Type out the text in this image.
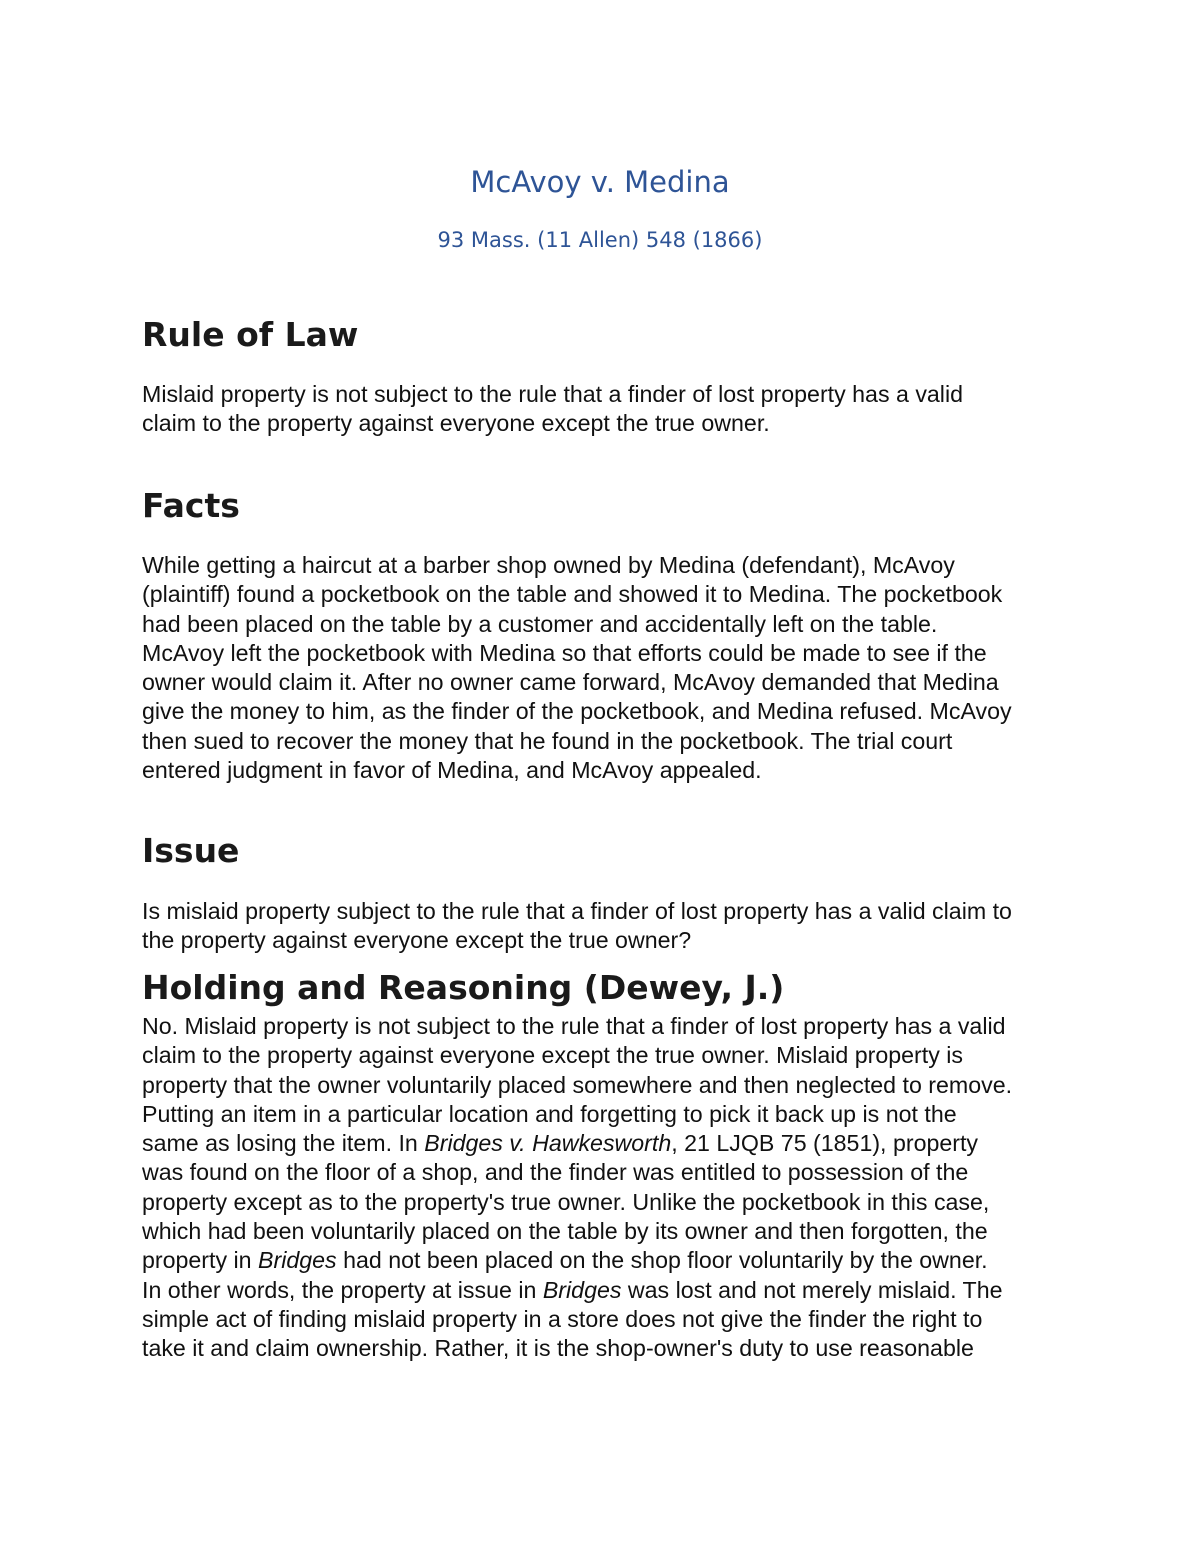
McAvoy v. Medina
93 Mass. (11 Allen) 548 (1866)
Rule of Law

Mislaid property is not subject to the rule that a finder of lost property has a valid
claim to the property against everyone except the true owner.

Facts

While getting a haircut at a barber shop owned by Medina (defendant), McAvoy
(plaintiff) found a pocketbook on the table and showed it to Medina. The pocketbook
had been placed on the table by a customer and accidentally left on the table.
McAvoy left the pocketbook with Medina so that efforts could be made to see if the
owner would claim it. After no owner came forward, McAvoy demanded that Medina
give the money to him, as the finder of the pocketbook, and Medina refused. McAvoy
then sued to recover the money that he found in the pocketbook. The trial court
entered judgment in favor of Medina, and McAvoy appealed.

Issue

Is mislaid property subject to the rule that a finder of lost property has a valid claim to
the property against everyone except the true owner?

Holding and Reasoning (Dewey, J.)

No. Mislaid property is not subject to the rule that a finder of lost property has a valid
claim to the property against everyone except the true owner. Mislaid property is
property that the owner voluntarily placed somewhere and then neglected to remove.
Putting an item in a particular location and forgetting to pick it back up is not the
same as losing the item. In Bridges v. Hawkesworth, 21 LJQB 75 (1851), property
was found on the floor of a shop, and the finder was entitled to possession of the
property except as to the property's true owner. Unlike the pocketbook in this case,
which had been voluntarily placed on the table by its owner and then forgotten, the
property in Bridges had not been placed on the shop floor voluntarily by the owner.
In other words, the property at issue in Bridges was lost and not merely mislaid. The
simple act of finding mislaid property in a store does not give the finder the right to
take it and claim ownership. Rather, it is the shop-owner's duty to use reasonable
